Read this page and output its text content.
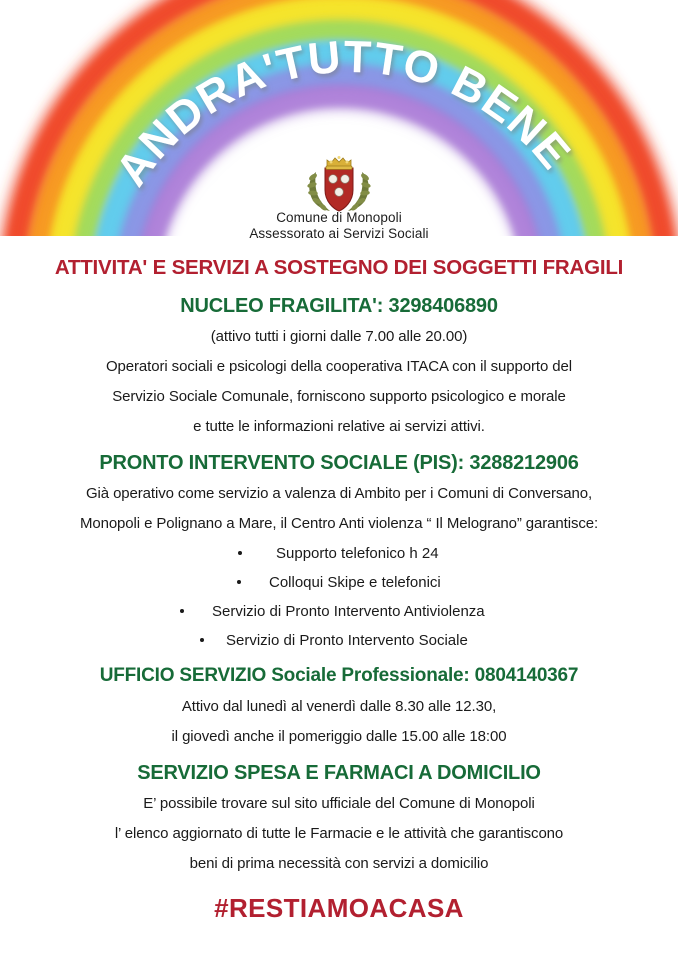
ANDRA'TUTTO BENE
Comune di Monopoli
Assessorato ai Servizi Sociali
ATTIVITA' E SERVIZI A SOSTEGNO DEI SOGGETTI FRAGILI
NUCLEO FRAGILITA': 3298406890
(attivo tutti i giorni dalle 7.00 alle 20.00)
Operatori sociali e psicologi della cooperativa ITACA con il supporto del
Servizio Sociale Comunale, forniscono supporto psicologico e morale
e tutte le informazioni relative ai servizi attivi.
PRONTO INTERVENTO SOCIALE (PIS): 3288212906
Già operativo come servizio a valenza di Ambito per i Comuni di Conversano,
Monopoli e Polignano a Mare, il Centro Anti violenza “ Il Melograno” garantisce:
Supporto telefonico h 24
Colloqui Skipe e telefonici
Servizio di Pronto Intervento Antiviolenza
Servizio di Pronto Intervento Sociale
UFFICIO SERVIZIO Sociale Professionale: 0804140367
Attivo dal lunedì al venerdì dalle 8.30 alle 12.30,
il giovedì anche il pomeriggio dalle 15.00 alle 18:00
SERVIZIO SPESA E FARMACI A DOMICILIO
E’ possibile trovare sul sito ufficiale del Comune di Monopoli
l’ elenco aggiornato di tutte le Farmacie e le attività che garantiscono
beni di prima necessità con servizi a domicilio
#RESTIAMOACASA
